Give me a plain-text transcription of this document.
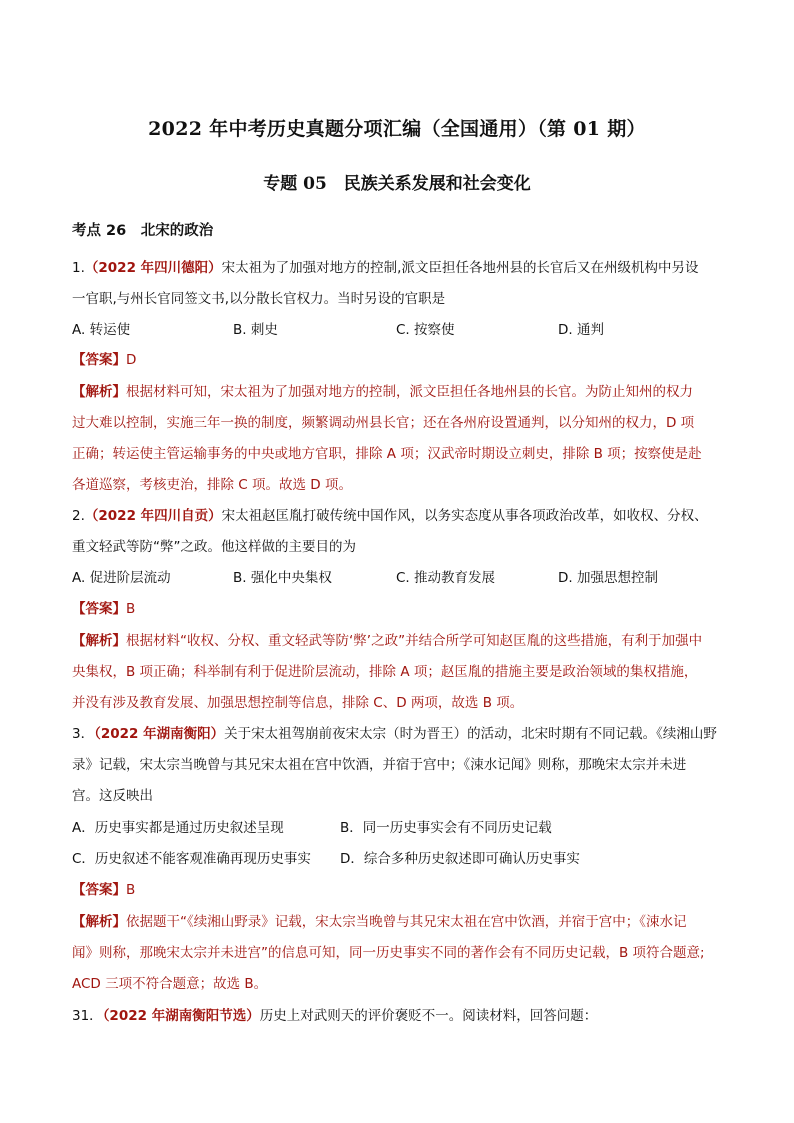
2022 年中考历史真题分项汇编（全国通用）（第 01 期）
专题 05　民族关系发展和社会变化
考点 26　北宋的政治
1.（2022 年四川德阳）宋太祖为了加强对地方的控制,派文臣担任各地州县的长官后又在州级机构中另设
一官职,与州长官同签文书,以分散长官权力。当时另设的官职是
A. 转运使	B. 刺史	C. 按察使	D. 通判
【答案】D
【解析】根据材料可知，宋太祖为了加强对地方的控制，派文臣担任各地州县的长官。为防止知州的权力
过大难以控制，实施三年一换的制度，频繁调动州县长官；还在各州府设置通判，以分知州的权力，D 项
正确；转运使主管运输事务的中央或地方官职，排除 A 项；汉武帝时期设立刺史，排除 B 项；按察使是赴
各道巡察，考核吏治，排除 C 项。故选 D 项。
2.（2022 年四川自贡）宋太祖赵匡胤打破传统中国作风，以务实态度从事各项政治改革，如收权、分权、
重文轻武等防“弊”之政。他这样做的主要目的为
A. 促进阶层流动	B. 强化中央集权	C. 推动教育发展	D. 加强思想控制
【答案】B
【解析】根据材料“收权、分权、重文轻武等防‘弊’之政”并结合所学可知赵匡胤的这些措施，有利于加强中
央集权，B 项正确；科举制有利于促进阶层流动，排除 A 项；赵匡胤的措施主要是政治领域的集权措施，
并没有涉及教育发展、加强思想控制等信息，排除 C、D 两项，故选 B 项。
3．（2022 年湖南衡阳）关于宋太祖驾崩前夜宋太宗（时为晋王）的活动，北宋时期有不同记载。《续湘山野
录》记载，宋太宗当晚曾与其兄宋太祖在宫中饮酒，并宿于宫中；《涑水记闻》则称，那晚宋太宗并未进
宫。这反映出
A．历史事实都是通过历史叙述呈现	B．同一历史事实会有不同历史记载
C．历史叙述不能客观准确再现历史事实 D．综合多种历史叙述即可确认历史事实
【答案】B
【解析】依据题干“《续湘山野录》记载，宋太宗当晚曾与其兄宋太祖在宫中饮酒，并宿于宫中；《涑水记
闻》则称，那晚宋太宗并未进宫”的信息可知，同一历史事实不同的著作会有不同历史记载，B 项符合题意;
ACD 三项不符合题意；故选 B。
31．（2022 年湖南衡阳节选）历史上对武则天的评价褒贬不一。阅读材料，回答问题：
